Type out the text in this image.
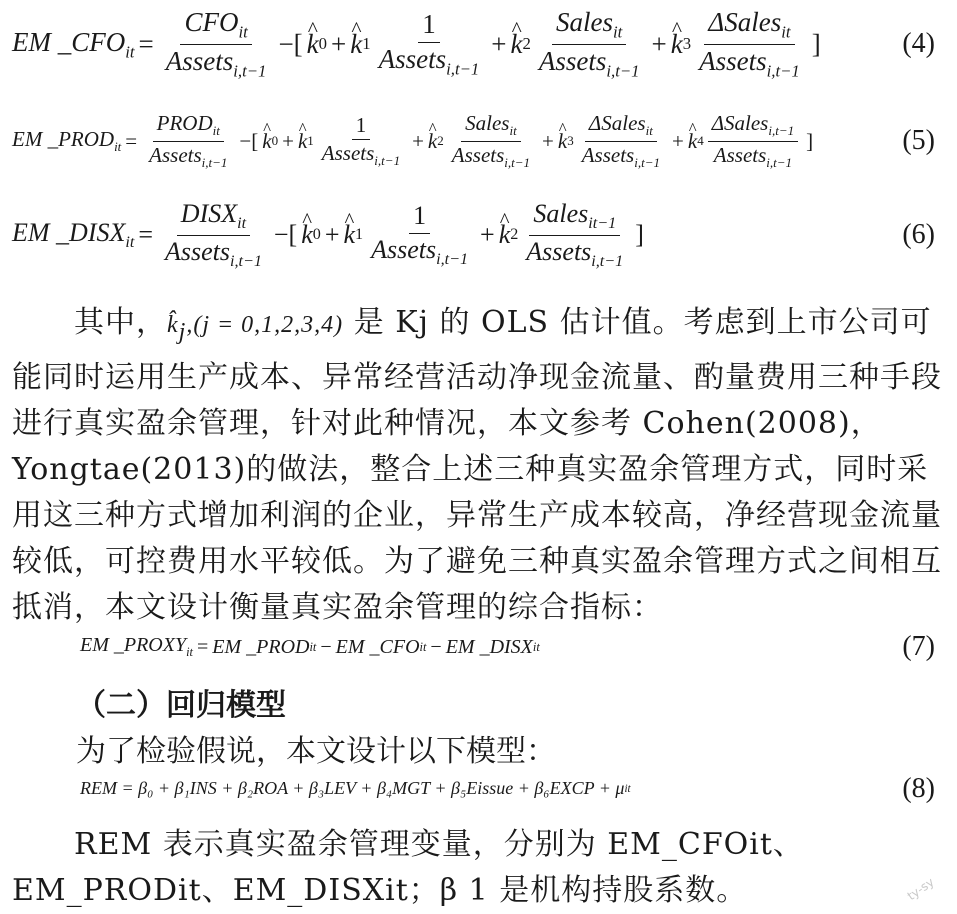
EM $\_CFO_{it} = \frac{CFO_{it}}{Assets_{i,t-1}}$ −[ ^ k 0 + ^ k $1 \frac{1}{Assets_{i,t-1}}$ + ^ k $2 \frac{Sales_{it}}{Assets_{i,t-1}}$ + ^ k $3 \frac{\Delta Sales_{it}}{Assets_{i,t-1}}$ ]	(4)
EM $\_PROD_{it} = \frac{PROD_{it}}{Assets_{i,t-1}}$ −[ ^ k 0 + ^ k $1 \frac{1}{Assets_{i,t-1}}$ + ^ k $2 \frac{Sales_{it}}{Assets_{i,t-1}}$ + ^ k $3 \frac{\Delta Sales_{it}}{Assets_{i,t-1}}$ + ^ k $4 \frac{\Delta Sales_{i,t-1}}{Assets_{i,t-1}}$ ]	(5)
EM $\_DISX_{it} = \frac{DISX_{it}}{Assets_{i,t-1}}$ −[ ^ k 0 + ^ k $1 \frac{1}{Assets_{i,t-1}}$ + ^ k $2 \frac{Sales_{it-1}}{Assets_{i,t-1}}$ ]	(6)

  其中，$k̂_j,(j = 0,1,2,3,4)$ 是 Kj 的 OLS 估计值。考虑到上市公司可能同时运用生产成本、异常经营活动净现金流量、酌量费用三种手段进行真实盈余管理，针对此种情况，本文参考 Cohen(2008)，Yongtae(2013)的做法，整合上述三种真实盈余管理方式，同时采用这三种方式增加利润的企业，异常生产成本较高，净经营现金流量较低，可控费用水平较低。为了避免三种真实盈余管理方式之间相互抵消，本文设计衡量真实盈余管理的综合指标：

EM $\_PROXY_{it}$ = EM _PROD it − EM _CFO it − EM _DISX it	(7)
（二）回归模型
为了检验假说，本文设计以下模型：
REM = β₀ + β₁INS + β₂ROA + β₃LEV + β₄MGT + β₅Eissue + β₆EXCP + μ it	(8)

  REM 表示真实盈余管理变量，分别为 EM_CFOit、EM_PRODit、EM_DISXit；β 1 是机构持股系数。	ty-sy
